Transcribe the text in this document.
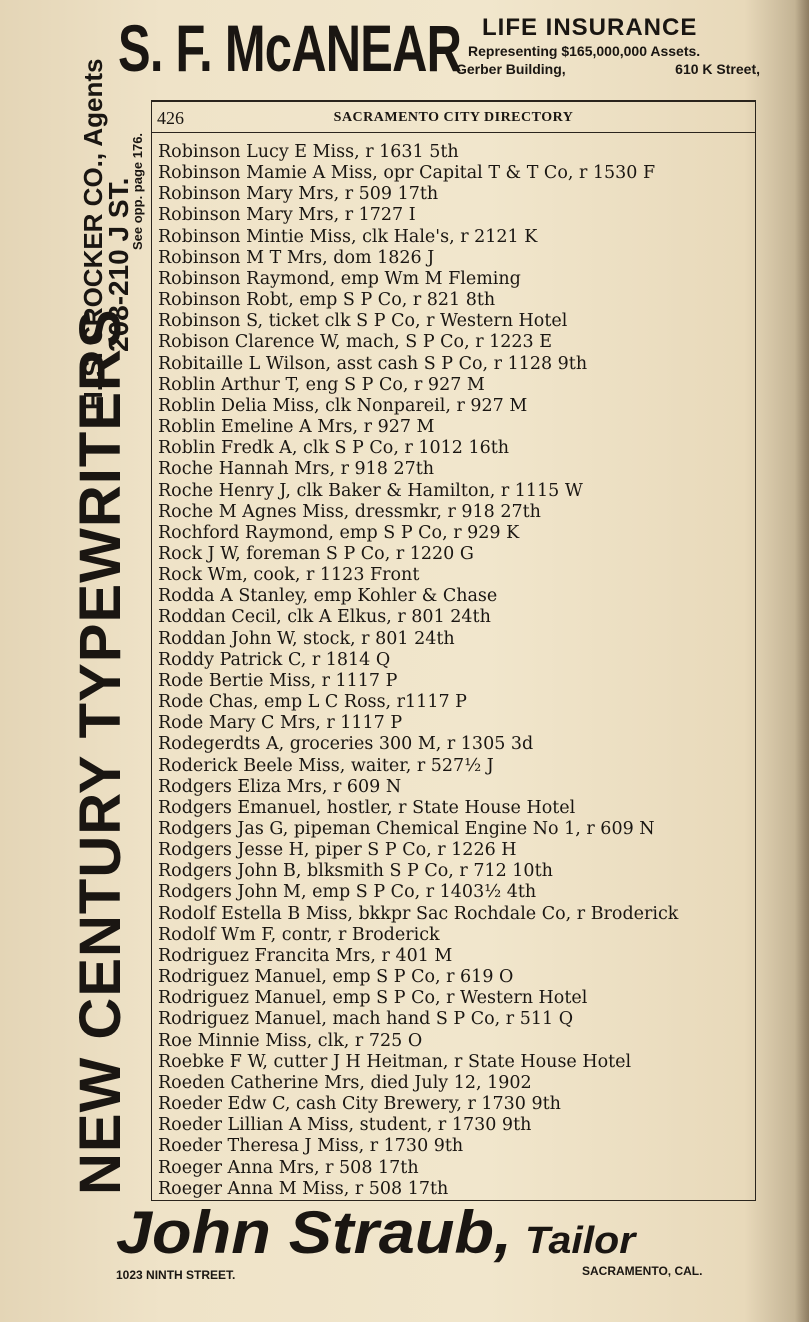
S. F. McANEAR LIFE INSURANCE
Representing $165,000,000 Assets.
Gerber Building,	610 K Street,
NEW CENTURY TYPEWRITERS
H. S. CROCKER CO., Agents
208-210 J ST.
See opp. page 176.
426	SACRAMENTO CITY DIRECTORY
Robinson Lucy E Miss, r 1631 5th
Robinson Mamie A Miss, opr Capital T & T Co, r 1530 F
Robinson Mary Mrs, r 509 17th
Robinson Mary Mrs, r 1727 I
Robinson Mintie Miss, clk Hale's, r 2121 K
Robinson M T Mrs, dom 1826 J
Robinson Raymond, emp Wm M Fleming
Robinson Robt, emp S P Co, r 821 8th
Robinson S, ticket clk S P Co, r Western Hotel
Robison Clarence W, mach, S P Co, r 1223 E
Robitaille L Wilson, asst cash S P Co, r 1128 9th
Roblin Arthur T, eng S P Co, r 927 M
Roblin Delia Miss, clk Nonpareil, r 927 M
Roblin Emeline A Mrs, r 927 M
Roblin Fredk A, clk S P Co, r 1012 16th
Roche Hannah Mrs, r 918 27th
Roche Henry J, clk Baker & Hamilton, r 1115 W
Roche M Agnes Miss, dressmkr, r 918 27th
Rochford Raymond, emp S P Co, r 929 K
Rock J W, foreman S P Co, r 1220 G
Rock Wm, cook, r 1123 Front
Rodda A Stanley, emp Kohler & Chase
Roddan Cecil, clk A Elkus, r 801 24th
Roddan John W, stock, r 801 24th
Roddy Patrick C, r 1814 Q
Rode Bertie Miss, r 1117 P
Rode Chas, emp L C Ross, r1117 P
Rode Mary C Mrs, r 1117 P
Rodegerdts A, groceries 300 M, r 1305 3d
Roderick Beele Miss, waiter, r 527½ J
Rodgers Eliza Mrs, r 609 N
Rodgers Emanuel, hostler, r State House Hotel
Rodgers Jas G, pipeman Chemical Engine No 1, r 609 N
Rodgers Jesse H, piper S P Co, r 1226 H
Rodgers John B, blksmith S P Co, r 712 10th
Rodgers John M, emp S P Co, r 1403½ 4th
Rodolf Estella B Miss, bkkpr Sac Rochdale Co, r Broderick
Rodolf Wm F, contr, r Broderick
Rodriguez Francita Mrs, r 401 M
Rodriguez Manuel, emp S P Co, r 619 O
Rodriguez Manuel, emp S P Co, r Western Hotel
Rodriguez Manuel, mach hand S P Co, r 511 Q
Roe Minnie Miss, clk, r 725 O
Roebke F W, cutter J H Heitman, r State House Hotel
Roeden Catherine Mrs, died July 12, 1902
Roeder Edw C, cash City Brewery, r 1730 9th
Roeder Lillian A Miss, student, r 1730 9th
Roeder Theresa J Miss, r 1730 9th
Roeger Anna Mrs, r 508 17th
Roeger Anna M Miss, r 508 17th
John Straub, Tailor
1023 NINTH STREET.	SACRAMENTO, CAL.
